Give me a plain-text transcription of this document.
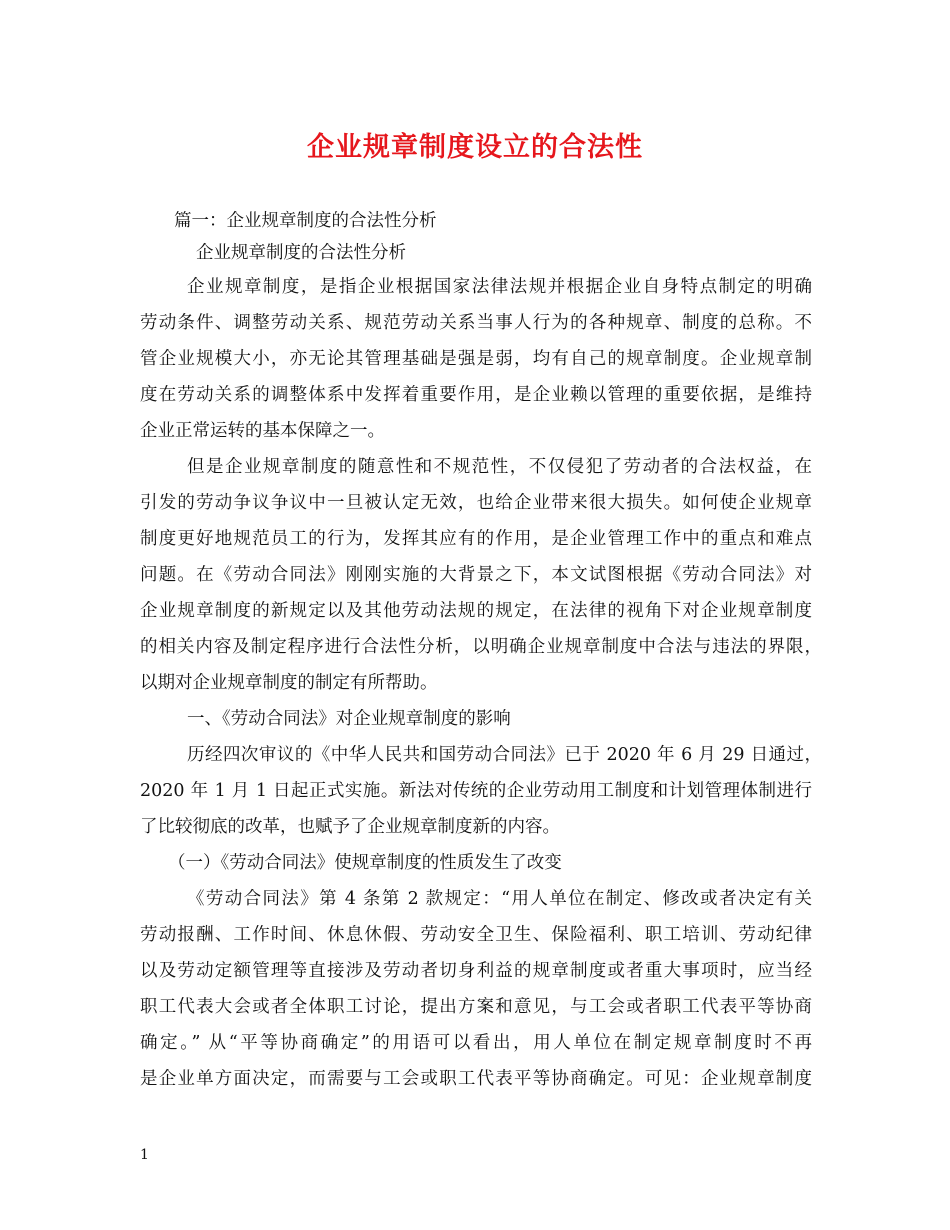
企业规章制度设立的合法性
篇一：企业规章制度的合法性分析
企业规章制度的合法性分析
企业规章制度，是指企业根据国家法律法规并根据企业自身特点制定的明确
劳动条件、调整劳动关系、规范劳动关系当事人行为的各种规章、制度的总称。不
管企业规模大小，亦无论其管理基础是强是弱，均有自己的规章制度。企业规章制
度在劳动关系的调整体系中发挥着重要作用，是企业赖以管理的重要依据，是维持
企业正常运转的基本保障之一。
但是企业规章制度的随意性和不规范性，不仅侵犯了劳动者的合法权益，在
引发的劳动争议争议中一旦被认定无效，也给企业带来很大损失。如何使企业规章
制度更好地规范员工的行为，发挥其应有的作用，是企业管理工作中的重点和难点
问题。在《劳动合同法》刚刚实施的大背景之下，本文试图根据《劳动合同法》对
企业规章制度的新规定以及其他劳动法规的规定，在法律的视角下对企业规章制度
的相关内容及制定程序进行合法性分析，以明确企业规章制度中合法与违法的界限，
以期对企业规章制度的制定有所帮助。
一、《劳动合同法》对企业规章制度的影响
历经四次审议的《中华人民共和国劳动合同法》已于 2020 年 6 月 29 日通过，
2020 年 1 月 1 日起正式实施。新法对传统的企业劳动用工制度和计划管理体制进行
了比较彻底的改革，也赋予了企业规章制度新的内容。
（一）《劳动合同法》使规章制度的性质发生了改变
《劳动合同法》第 4 条第 2 款规定：“用人单位在制定、修改或者决定有关
劳动报酬、工作时间、休息休假、劳动安全卫生、保险福利、职工培训、劳动纪律
以及劳动定额管理等直接涉及劳动者切身利益的规章制度或者重大事项时，应当经
职工代表大会或者全体职工讨论，提出方案和意见，与工会或者职工代表平等协商
确定。” 从“平等协商确定”的用语可以看出，用人单位在制定规章制度时不再
是企业单方面决定，而需要与工会或职工代表平等协商确定。可见：企业规章制度
1
